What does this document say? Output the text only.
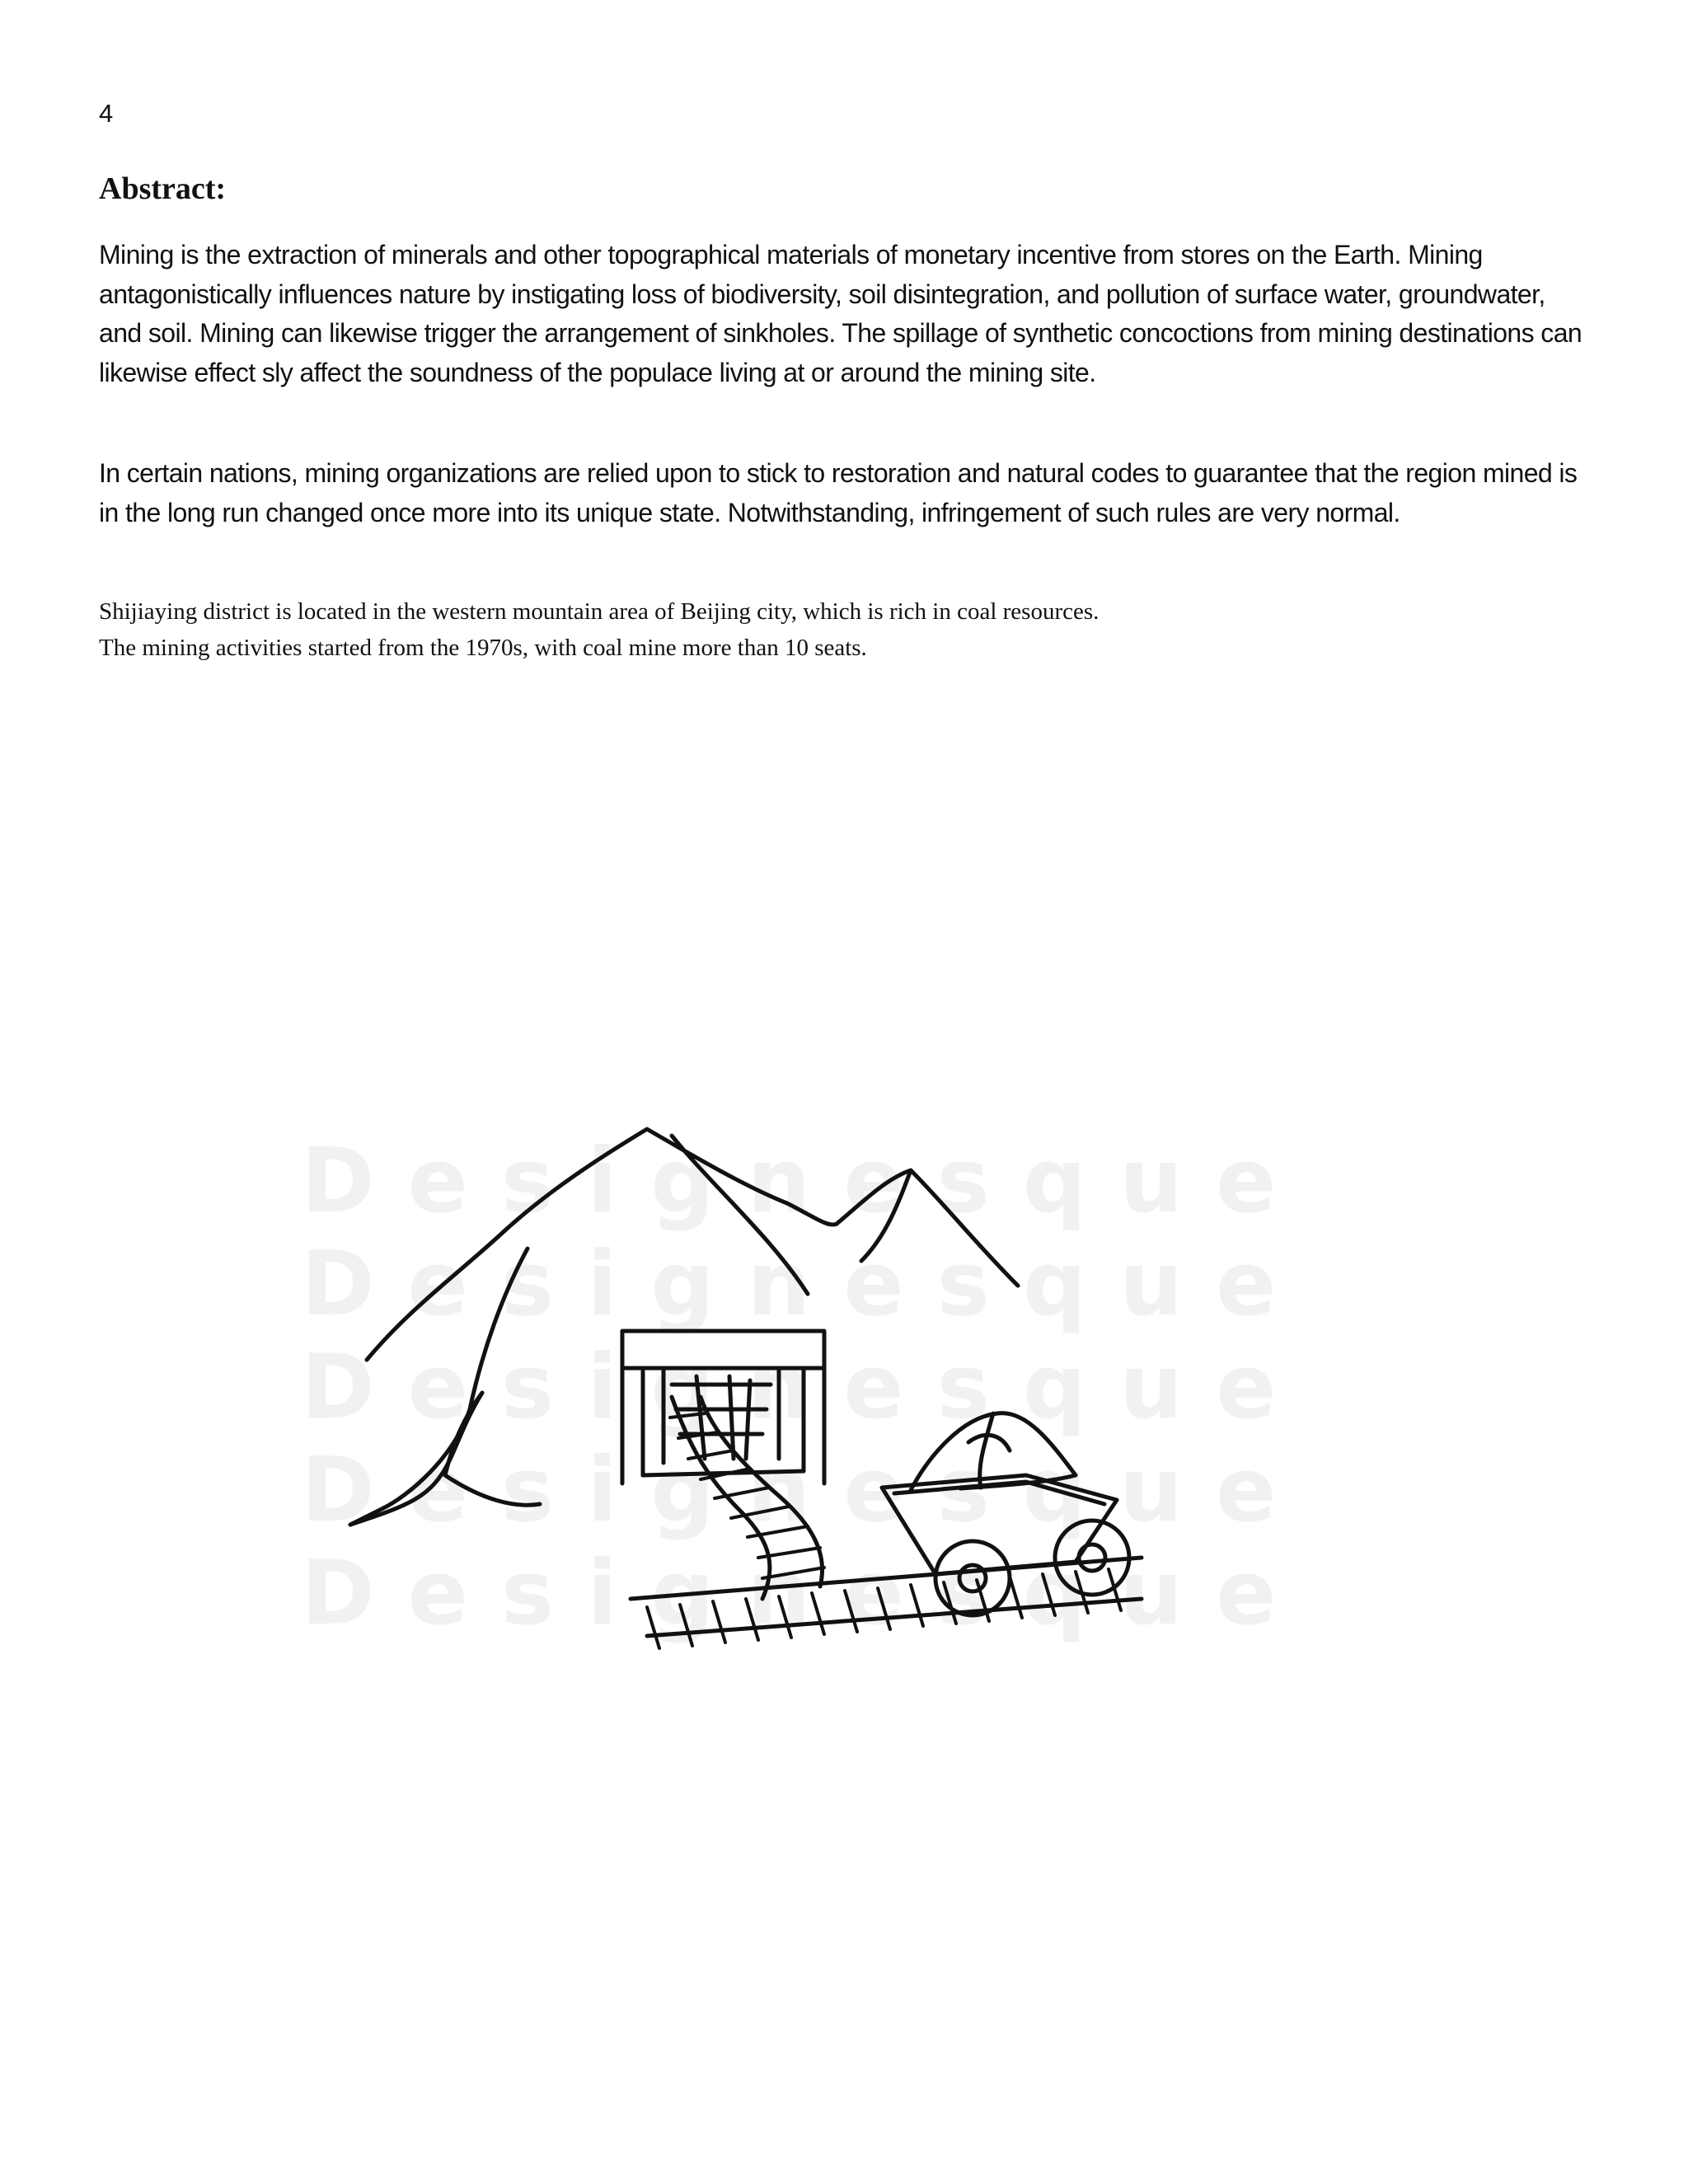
4
Abstract:

Mining is the extraction of minerals and other topographical materials of monetary incentive from stores on the Earth. Mining antagonistically influences nature by instigating loss of biodiversity, soil disintegration, and pollution of surface water, groundwater, and soil. Mining can likewise trigger the arrangement of sinkholes. The spillage of synthetic concoctions from mining destinations can likewise effect sly affect the soundness of the populace living at or around the mining site.

In certain nations, mining organizations are relied upon to stick to restoration and natural codes to guarantee that the region mined is in the long run changed once more into its unique state. Notwithstanding, infringement of such rules are very normal.

Shijiaying district is located in the western mountain area of Beijing city, which is rich in coal resources.
The mining activities started from the 1970s, with coal mine more than 10 seats.
Designesque
Designesque
Designesque
Designesque
Designesque
